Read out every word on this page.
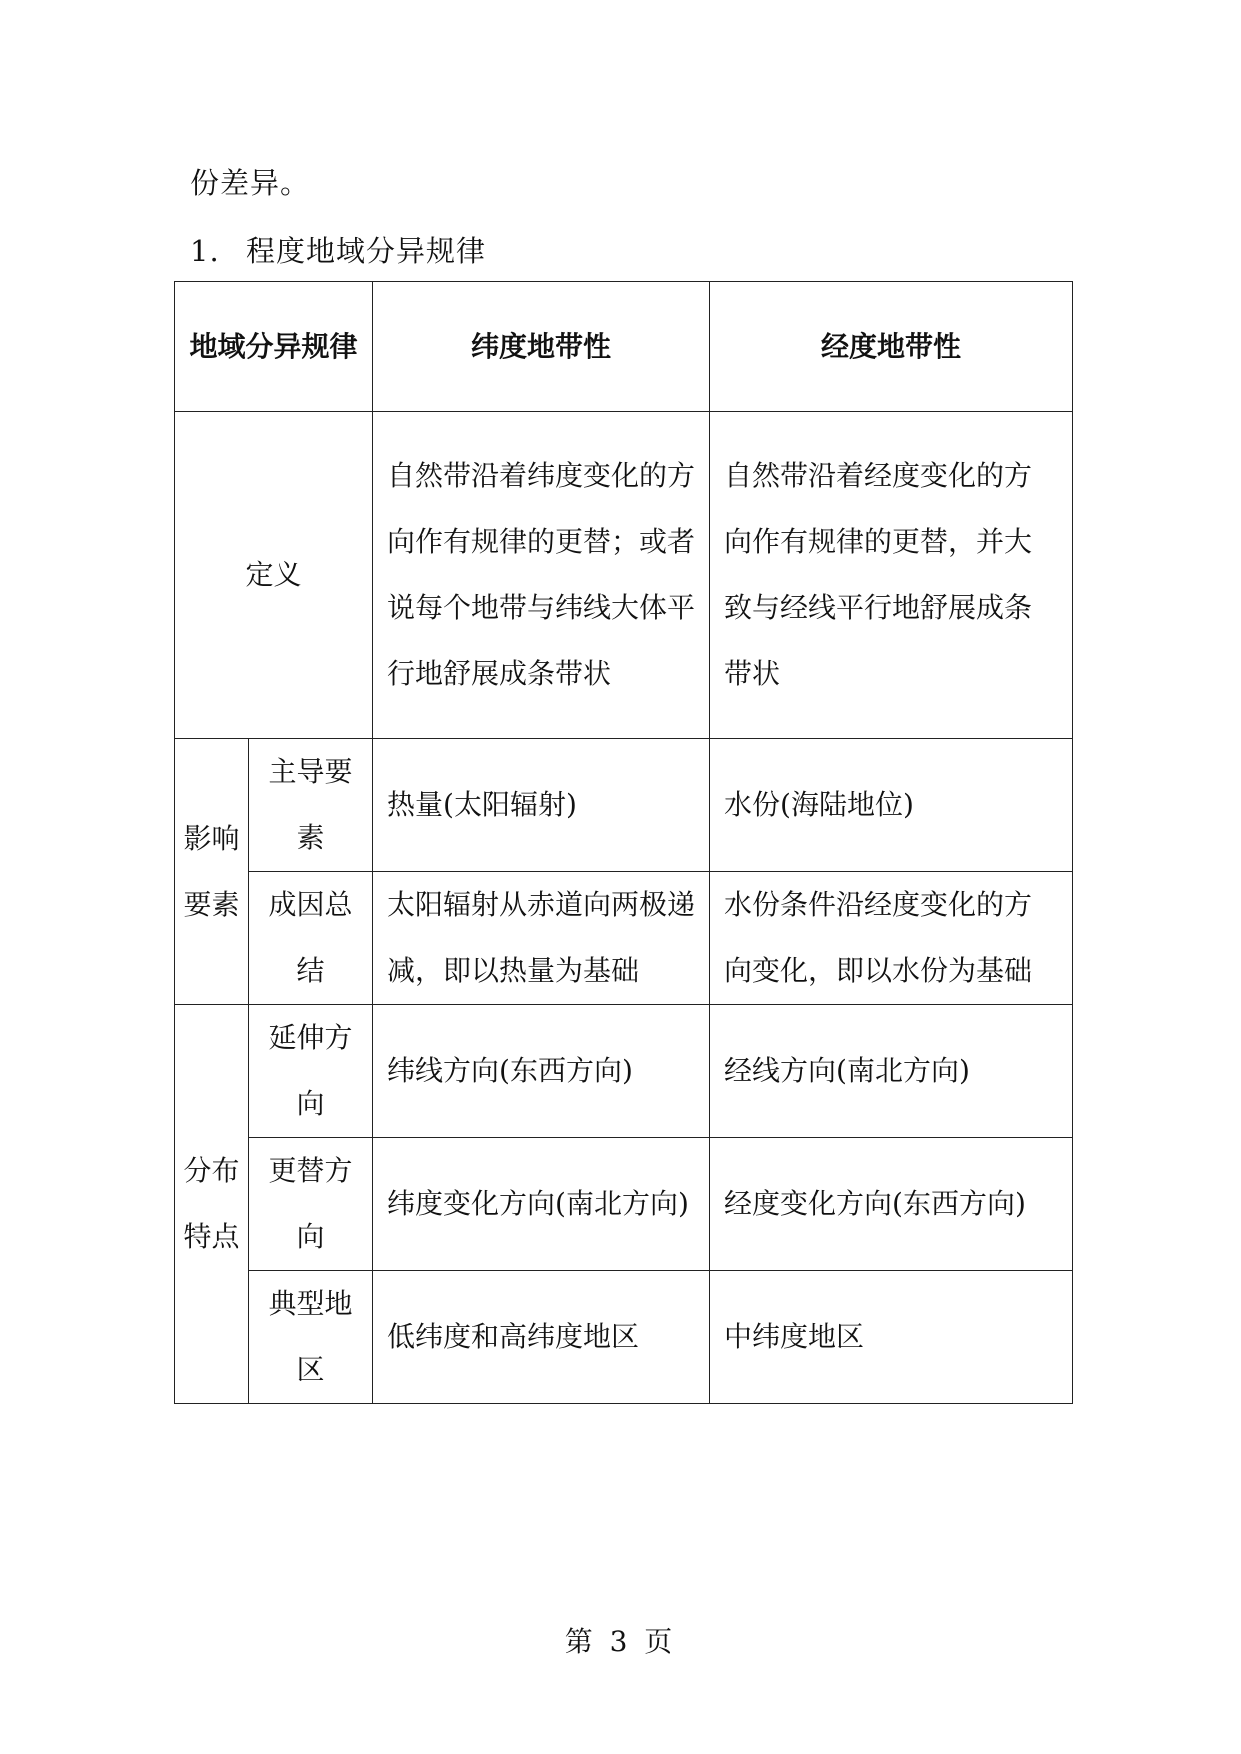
份差异。
1. 程度地域分异规律
地域分异规律		纬度地带性	经度地带性
定义		自然带沿着纬度变化的方向作有规律的更替；或者说每个地带与纬线大体平行地舒展成条带状	自然带沿着经度变化的方向作有规律的更替，并大致与经线平行地舒展成条带状
影响要素	主导要素	热量(太阳辐射)	水份(海陆地位)
	成因总结	太阳辐射从赤道向两极递减，即以热量为基础	水份条件沿经度变化的方向变化，即以水份为基础
分布特点	延伸方向	纬线方向(东西方向)	经线方向(南北方向)
	更替方向	纬度变化方向(南北方向)	经度变化方向(东西方向)
	典型地区	低纬度和高纬度地区	中纬度地区
第 3 页
